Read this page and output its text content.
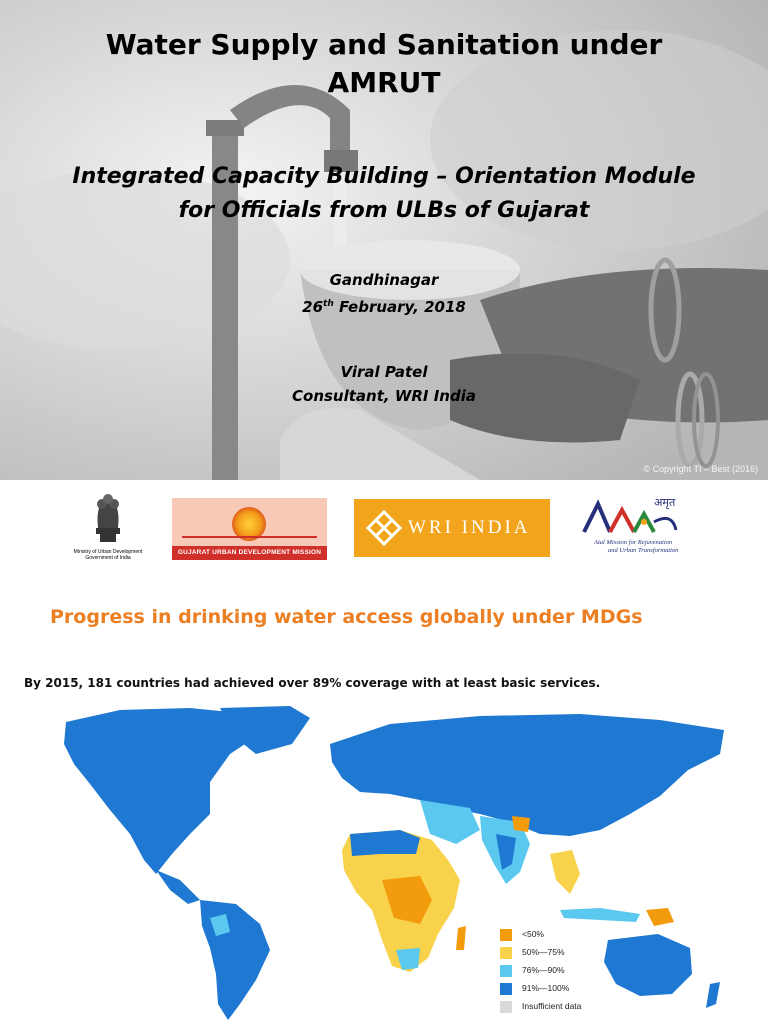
Water Supply and Sanitation under
AMRUT
Integrated Capacity Building – Orientation Module
for Officials from ULBs of Gujarat
Gandhinagar
26th February, 2018
Viral Patel
Consultant, WRI India
© Copyright TI – Best (2016)
Ministry of Urban Development
Government of India
GUJARAT URBAN DEVELOPMENT MISSION
WRI INDIA
अमृत
Atal Mission for Rejuvenation
and Urban Transformation
Progress in drinking water access globally under MDGs
By 2015, 181 countries had achieved over 89% coverage with at least basic services.
<50%
50%—75%
76%—90%
91%—100%
Insufficient data
